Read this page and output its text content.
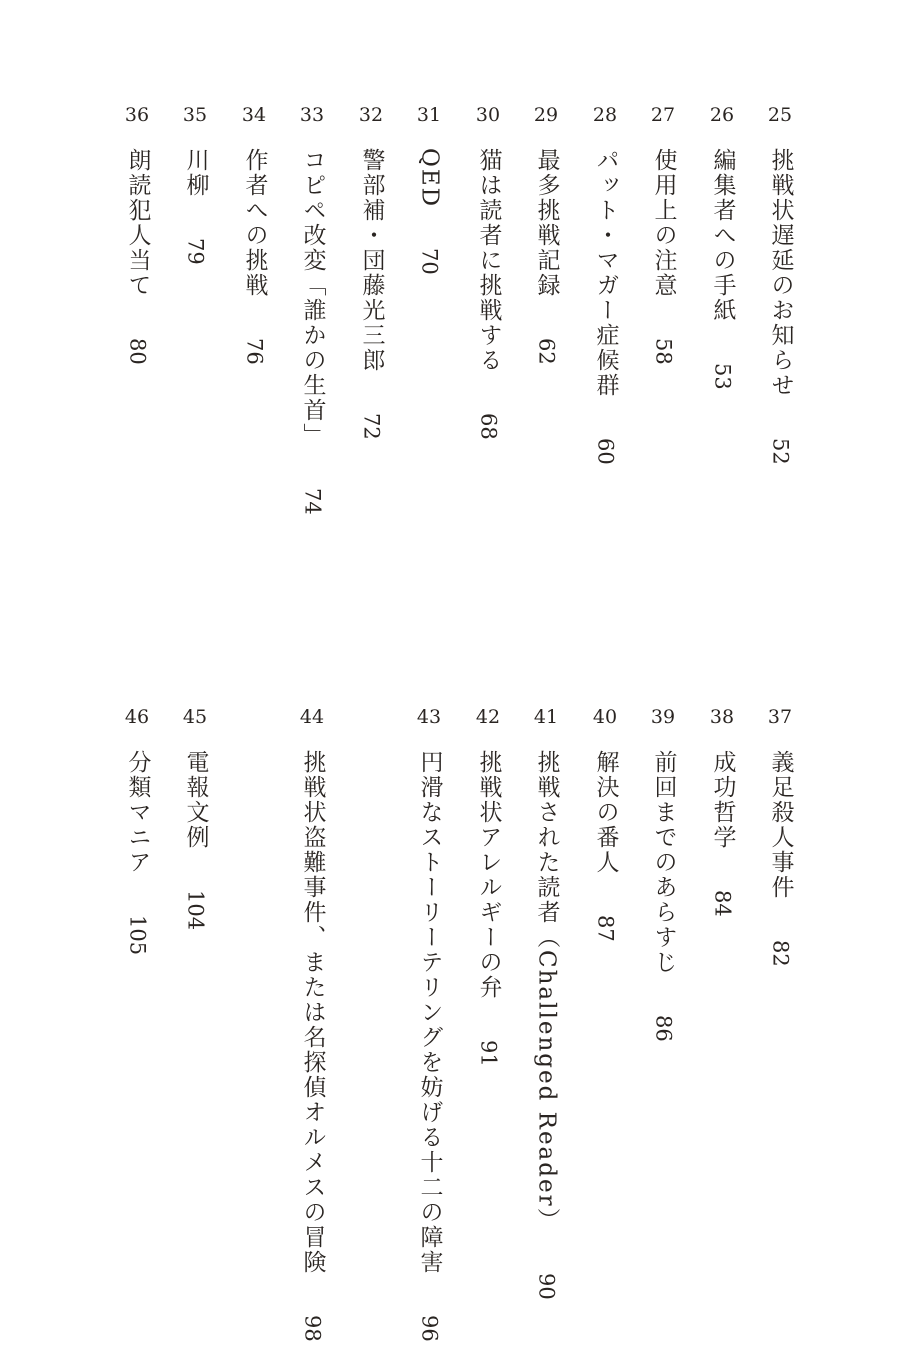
25
挑戦状遅延のお知らせ
52
26
編集者への手紙
53
27
使用上の注意
58
28
パット・マガー症候群
60
29
最多挑戦記録
62
30
猫は読者に挑戦する
68
31
QED
70
32
警部補・団藤光三郎
72
33
コピペ改変「誰かの生首」
74
34
作者への挑戦
76
35
川柳
79
36
朗読犯人当て
80
37
義足殺人事件
82
38
成功哲学
84
39
前回までのあらすじ
86
40
解決の番人
87
41
挑戦された読者（Challenged Reader）
90
42
挑戦状アレルギーの弁
91
43
円滑なストーリーテリングを妨げる十二の障害
96
44
挑戦状盗難事件、または名探偵オルメスの冒険
98
45
電報文例
104
46
分類マニア
105
